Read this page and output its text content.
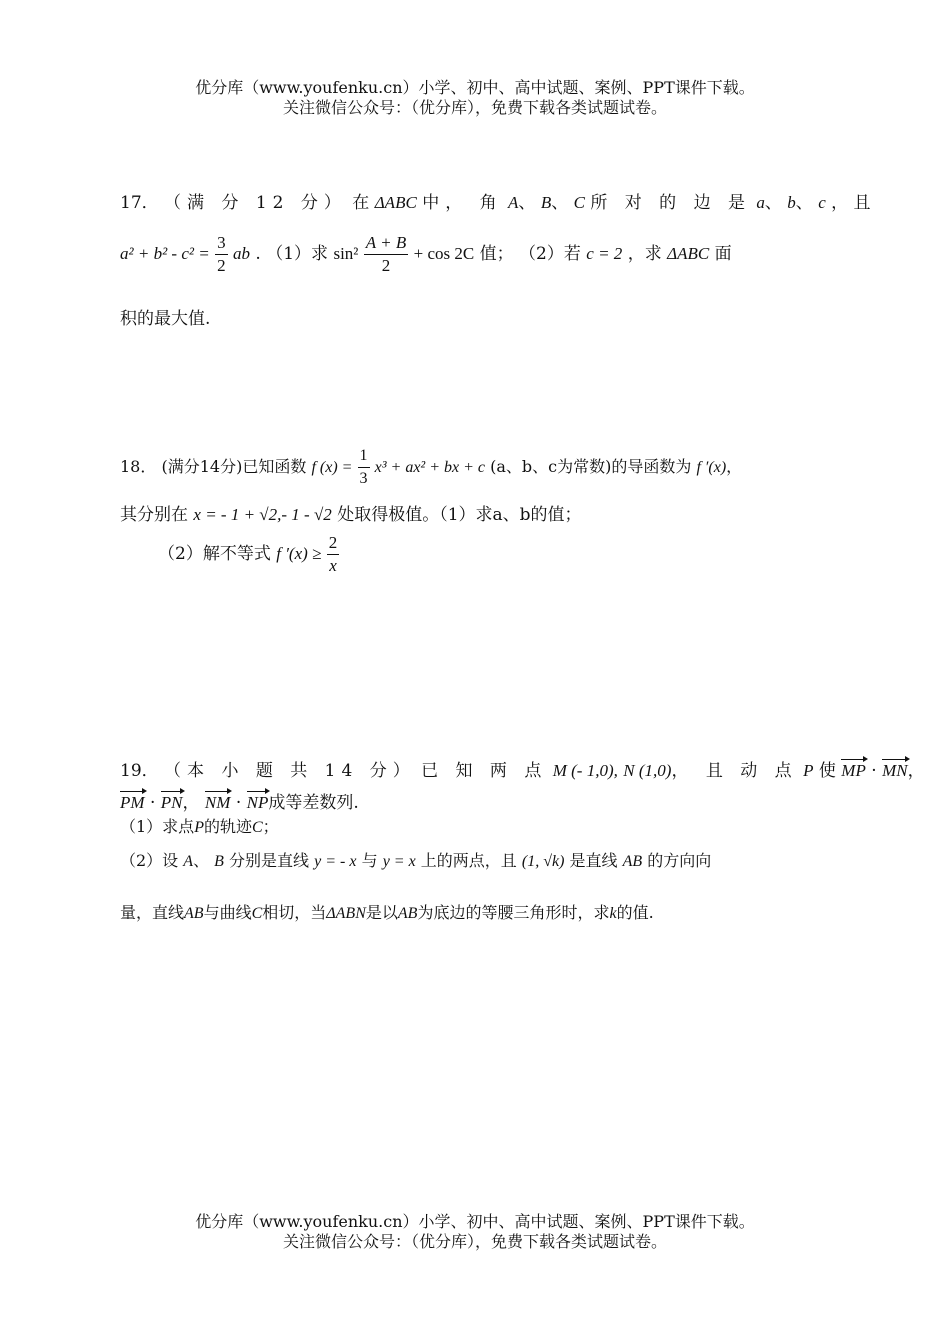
优分库（www.youfenku.cn）小学、初中、高中试题、案例、PPT课件下载。
关注微信公众号：（优分库），免费下载各类试题试卷。
17． （满 分 12 分） 在 ΔABC 中， 角 A、 B、 C 所 对 的 边 是 a、 b、 c ， 且
$a^2 + b^2 - c^2 = \frac{3}{2}$ ab . （1）求 $\sin^2 \frac{A + B}{2} + \cos 2C$ 值； （2）若 c = 2 ，求 ΔABC 面
积的最大值.
18． (满分14分)已知函数 f $(x) = \frac{1}{3} x^3 + ax^2$ + bx + c (a、b、c为常数)的导函数为 f ′(x)，
其分别在 x = - 1 + √2,- 1 - √2 处取得极值。（1）求a、b的值；
（2）解不等式 f $'(x) \ge \frac{2}{x}$
19． （本 小 题 共 14 分） 已 知 两 点 M (- 1,0), N (1,0)， 且 动 点 P 使 MP · MN，
PM · PN， NM · NP成等差数列.
（1）求点P的轨迹C；
（2）设 A、 B 分别是直线 y = - x 与 y = x 上的两点，且 (1, √k) 是直线 AB 的方向向
量，直线AB与曲线C相切，当ΔABN是以AB为底边的等腰三角形时，求k的值.
优分库（www.youfenku.cn）小学、初中、高中试题、案例、PPT课件下载。
关注微信公众号：（优分库），免费下载各类试题试卷。
